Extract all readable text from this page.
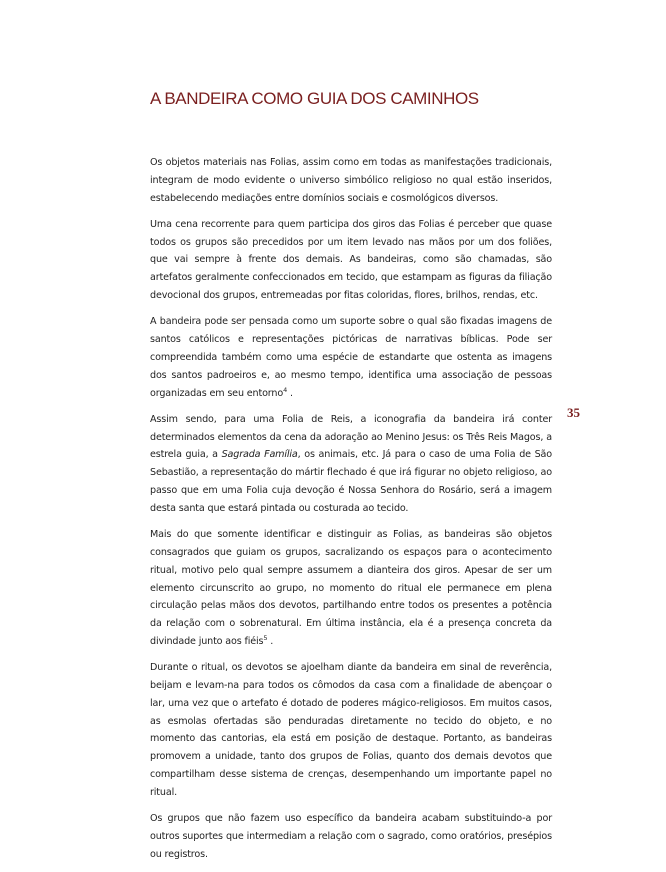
A BANDEIRA COMO GUIA DOS CAMINHOS

Os objetos materiais nas Folias, assim como em todas as manifestações tradicionais, integram de modo evidente o universo simbólico religioso no qual estão inseridos, estabelecendo mediações entre domínios sociais e cosmológicos diversos.

Uma cena recorrente para quem participa dos giros das Folias é perceber que quase todos os grupos são precedidos por um item levado nas mãos por um dos foliões, que vai sempre à frente dos demais. As bandeiras, como são chamadas, são artefatos geralmente confeccionados em tecido, que estampam as figuras da filiação devocional dos grupos, entremeadas por fitas coloridas, flores, brilhos, rendas, etc.

A bandeira pode ser pensada como um suporte sobre o qual são fixadas imagens de santos católicos e representações pictóricas de narrativas bíblicas. Pode ser compreendida também como uma espécie de estandarte que ostenta as imagens dos santos padroeiros e, ao mesmo tempo, identifica uma associação de pessoas organizadas em seu entorno$^4$ .

Assim sendo, para uma Folia de Reis, a iconografia da bandeira irá conter determinados elementos da cena da adoração ao Menino Jesus: os Três Reis Magos, a estrela guia, a Sagrada Família, os animais, etc. Já para o caso de uma Folia de São Sebastião, a representação do mártir flechado é que irá figurar no objeto religioso, ao passo que em uma Folia cuja devoção é Nossa Senhora do Rosário, será a imagem desta santa que estará pintada ou costurada ao tecido.

Mais do que somente identificar e distinguir as Folias, as bandeiras são objetos consagrados que guiam os grupos, sacralizando os espaços para o acontecimento ritual, motivo pelo qual sempre assumem a dianteira dos giros. Apesar de ser um elemento circunscrito ao grupo, no momento do ritual ele permanece em plena circulação pelas mãos dos devotos, partilhando entre todos os presentes a potência da relação com o sobrenatural. Em última instância, ela é a presença concreta da divindade junto aos fiéis$^5$ .

Durante o ritual, os devotos se ajoelham diante da bandeira em sinal de reverência, beijam e levam-na para todos os cômodos da casa com a finalidade de abençoar o lar, uma vez que o artefato é dotado de poderes mágico-religiosos. Em muitos casos, as esmolas ofertadas são penduradas diretamente no tecido do objeto, e no momento das cantorias, ela está em posição de destaque. Portanto, as bandeiras promovem a unidade, tanto dos grupos de Folias, quanto dos demais devotos que compartilham desse sistema de crenças, desempenhando um importante papel no ritual.

Os grupos que não fazem uso específico da bandeira acabam substituindo-a por outros suportes que intermediam a relação com o sagrado, como oratórios, presépios ou registros.

35
